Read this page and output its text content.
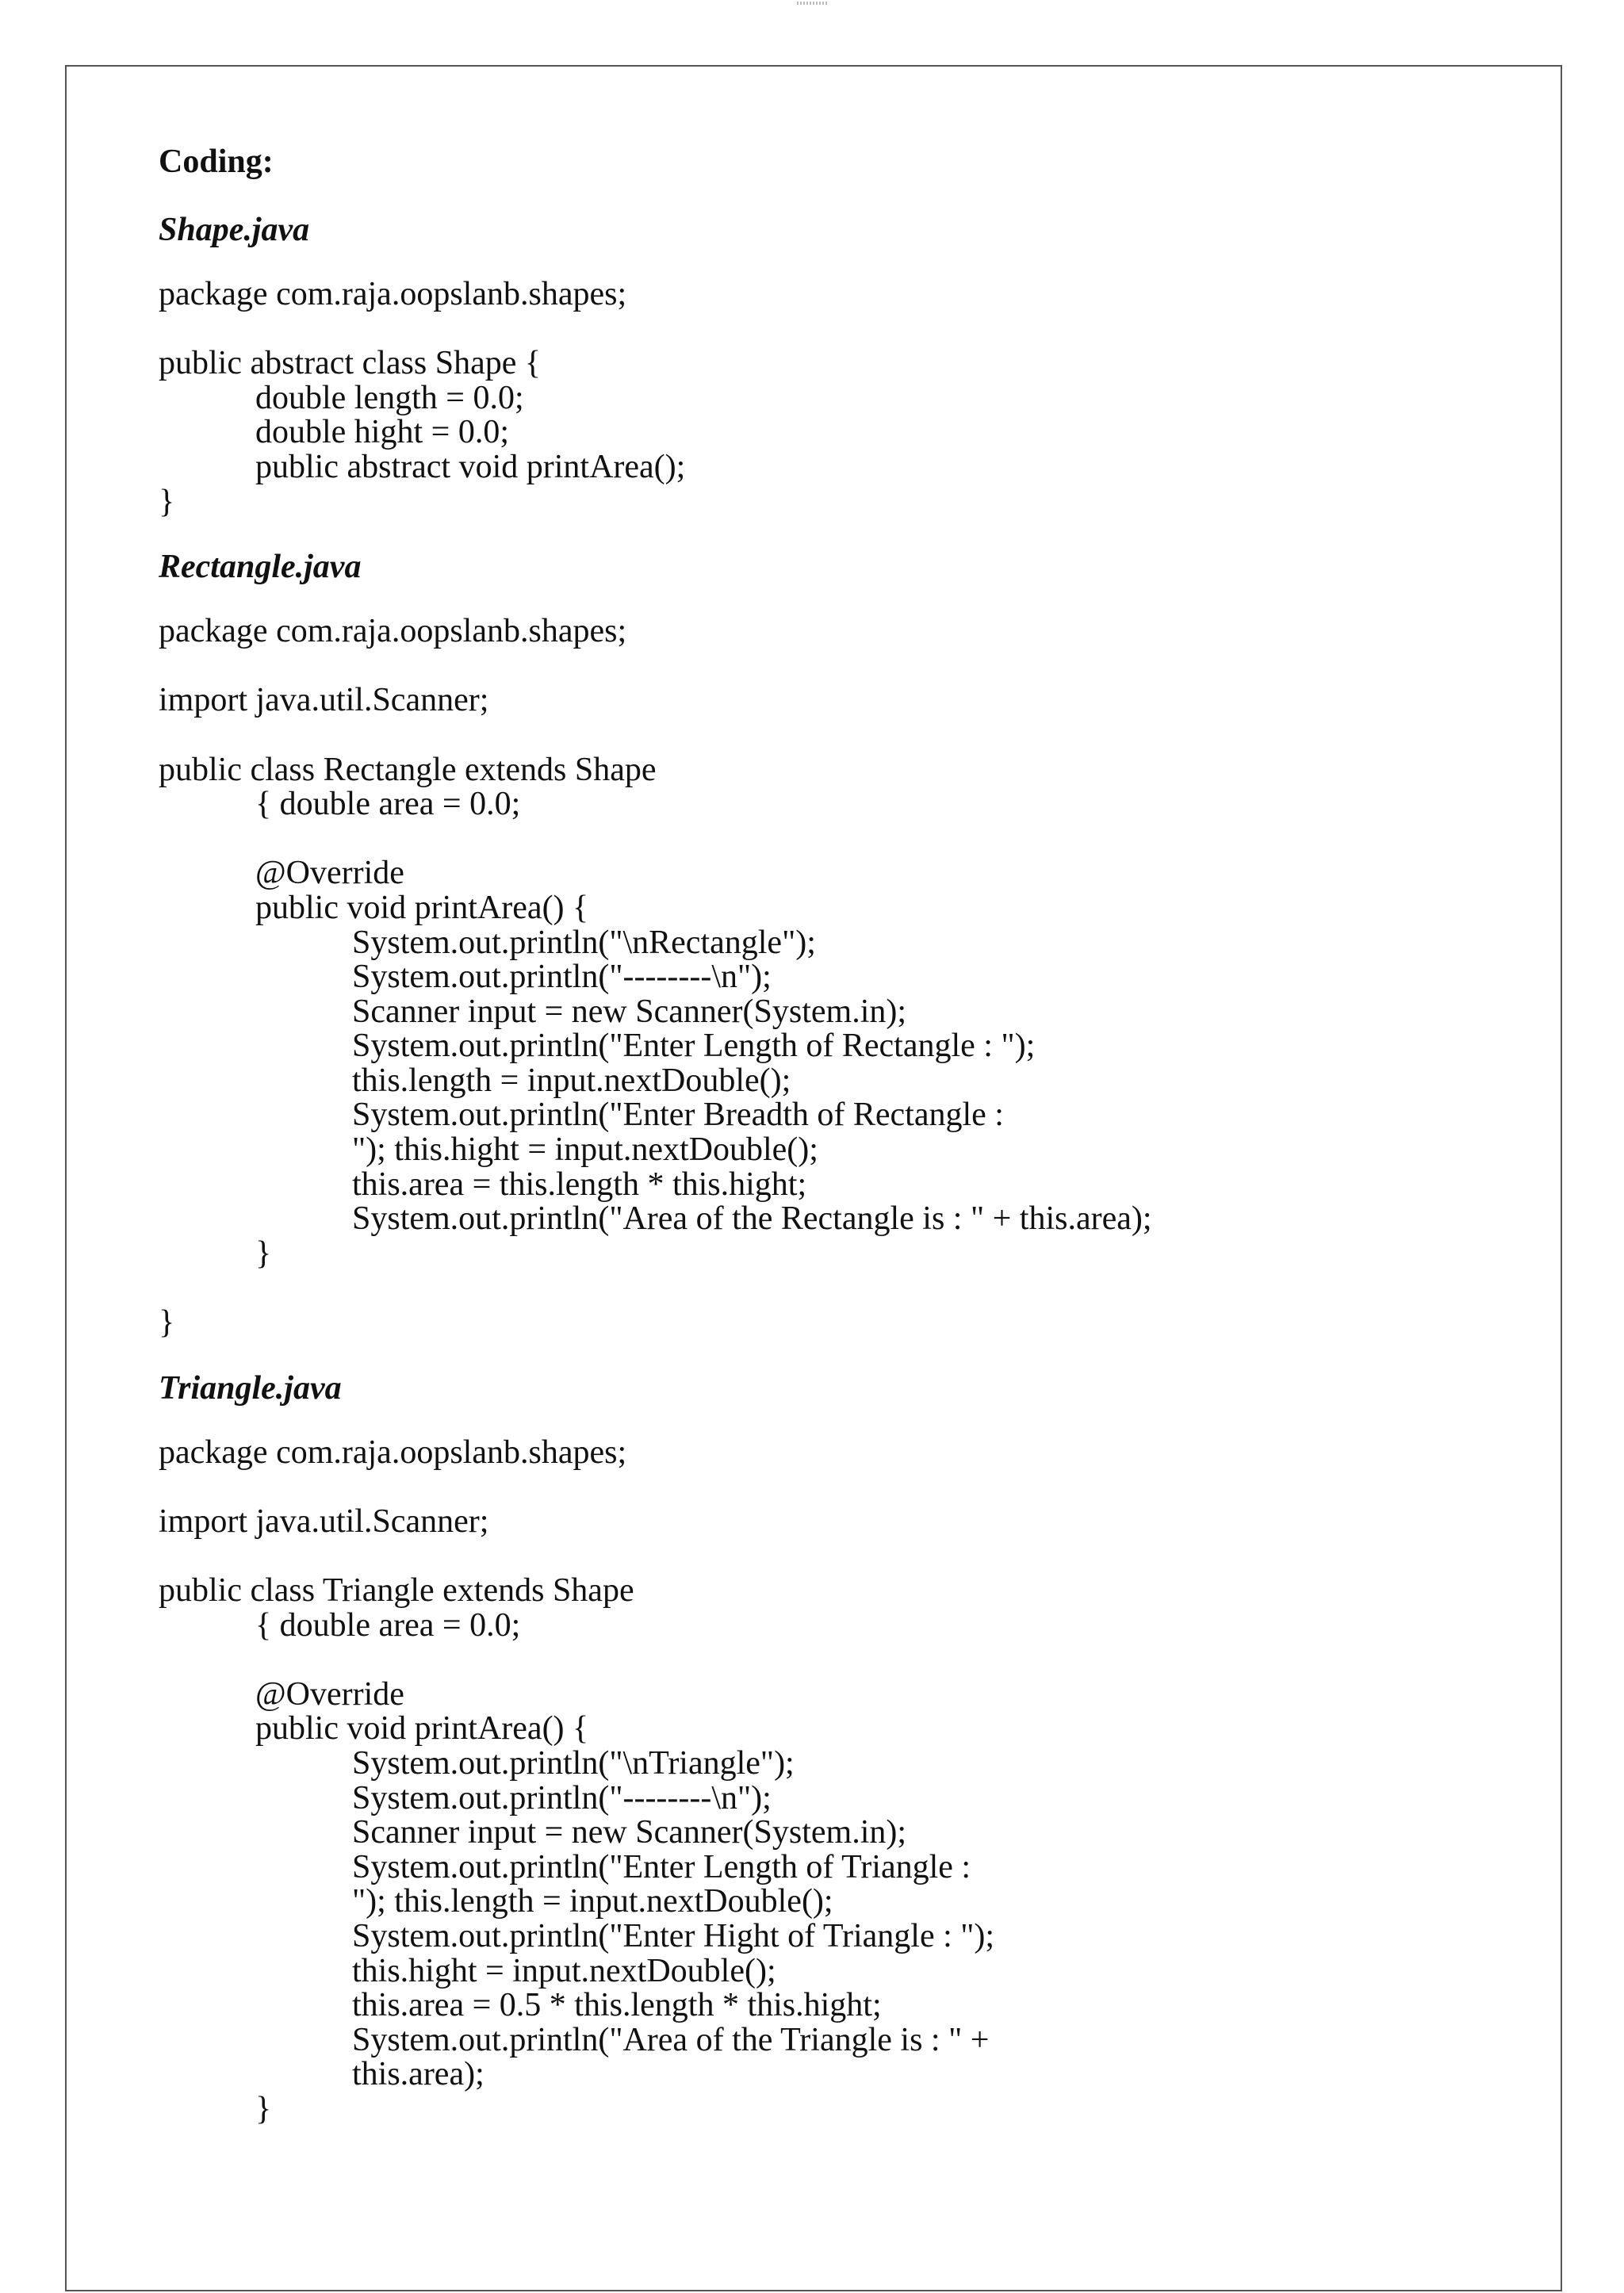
Coding:
Shape.java
package com.raja.oopslanb.shapes;
public abstract class Shape {
double length = 0.0;
double hight = 0.0;
public abstract void printArea();
}
Rectangle.java
package com.raja.oopslanb.shapes;
import java.util.Scanner;
public class Rectangle extends Shape
{ double area = 0.0;
@Override
public void printArea() {
System.out.println("\nRectangle");
System.out.println("--------\n");
Scanner input = new Scanner(System.in);
System.out.println("Enter Length of Rectangle : ");
this.length = input.nextDouble();
System.out.println("Enter Breadth of Rectangle :
"); this.hight = input.nextDouble();
this.area = this.length * this.hight;
System.out.println("Area of the Rectangle is : " + this.area);
}
}
Triangle.java
package com.raja.oopslanb.shapes;
import java.util.Scanner;
public class Triangle extends Shape
{ double area = 0.0;
@Override
public void printArea() {
System.out.println("\nTriangle");
System.out.println("--------\n");
Scanner input = new Scanner(System.in);
System.out.println("Enter Length of Triangle :
"); this.length = input.nextDouble();
System.out.println("Enter Hight of Triangle : ");
this.hight = input.nextDouble();
this.area = 0.5 * this.length * this.hight;
System.out.println("Area of the Triangle is : " +
this.area);
}
